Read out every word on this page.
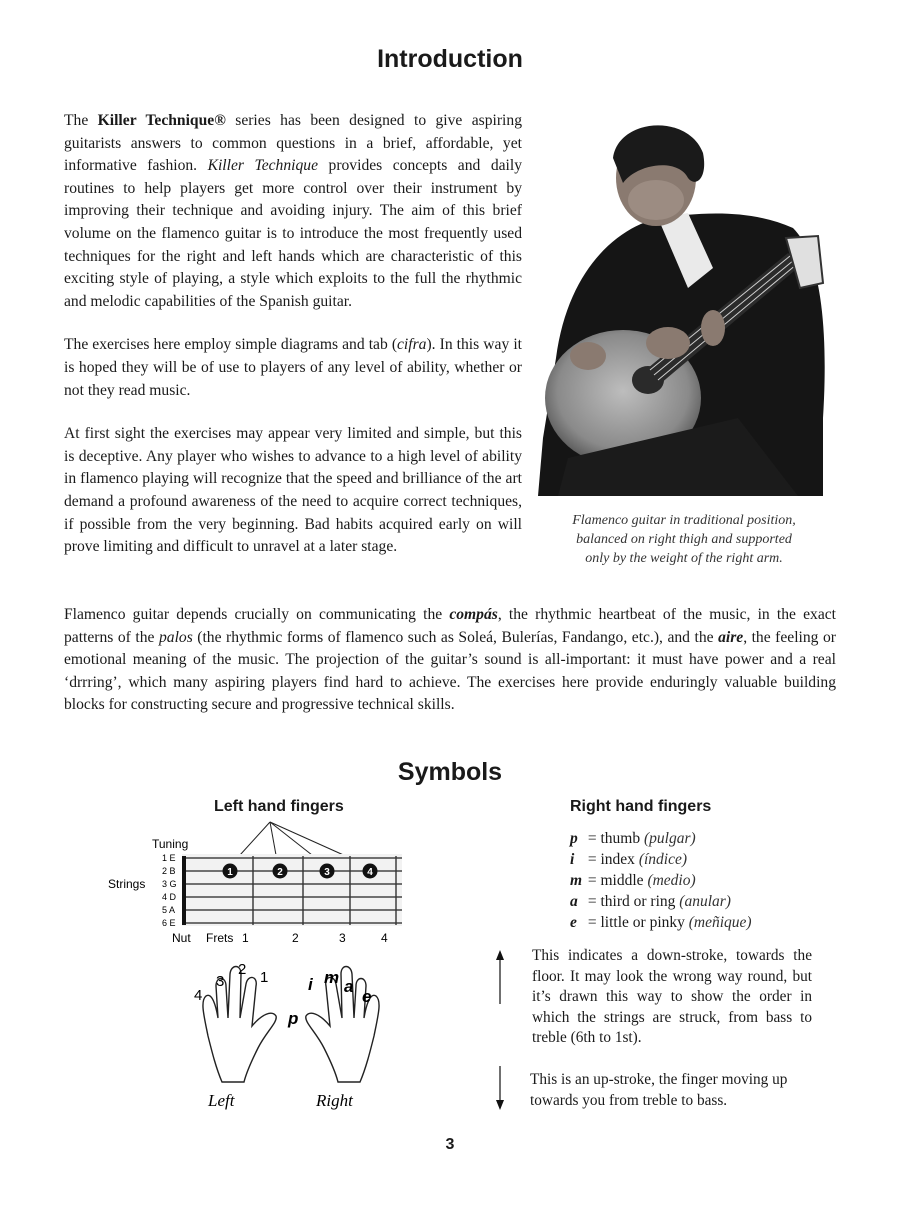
Introduction

The Killer Technique® series has been designed to give aspiring guitarists answers to common questions in a brief, affordable, yet informative fashion. Killer Technique provides concepts and daily routines to help players get more control over their instrument by improving their technique and avoiding injury. The aim of this brief volume on the flamenco guitar is to introduce the most frequently used techniques for the right and left hands which are characteristic of this exciting style of playing, a style which exploits to the full the rhythmic and melodic capabilities of the Spanish guitar.

The exercises here employ simple diagrams and tab (cifra). In this way it is hoped they will be of use to players of any level of ability, whether or not they read music.

At first sight the exercises may appear very limited and simple, but this is deceptive. Any player who wishes to advance to a high level of ability in flamenco playing will recognize that the speed and brilliance of the art demand a profound awareness of the need to acquire correct techniques, if possible from the very beginning. Bad habits acquired early on will prove limiting and difficult to unravel at a later stage.

Flamenco guitar in traditional position, balanced on right thigh and supported only by the weight of the right arm.
Flamenco guitar depends crucially on communicating the compás, the rhythmic heartbeat of the music, in the exact patterns of the palos (the rhythmic forms of flamenco such as Soleá, Bulerías, Fandango, etc.), and the aire, the feeling or emotional meaning of the music. The projection of the guitar’s sound is all-important: it must have power and a real ‘drrring’, which many aspiring players find hard to achieve. The exercises here provide enduringly valuable building blocks for constructing secure and progressive technical skills.
Symbols
Left hand fingers
Tuning
Strings
1 E
2 B
3 G
4 D
5 A
6 E
1	2	3	4
Nut Frets 1	2	3	4
4
3
2 1
p
i m a
e
Left	Right
Right hand fingers
p = thumb (pulgar)
i = index (índice)
m = middle (medio)
a = third or ring (anular)
e = little or pinky (meñique)
This indicates a down-stroke, towards the floor. It may look the wrong way round, but it’s drawn this way to show the order in which the strings are struck, from bass to treble (6th to 1st).
This is an up-stroke, the finger moving up towards you from treble to bass.
3
